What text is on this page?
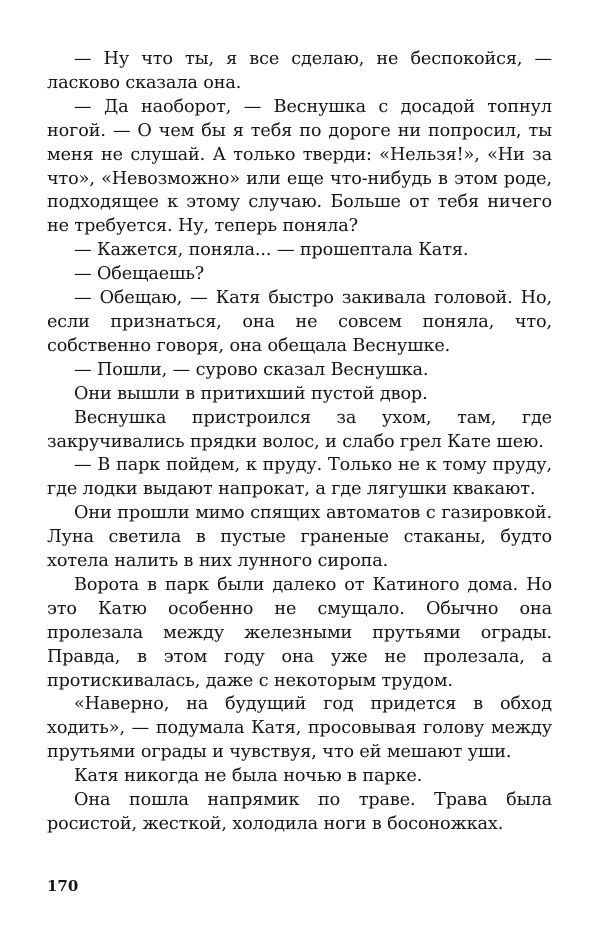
— Ну что ты, я все сделаю, не беспокойся, — ласково сказала она.

— Да наоборот, — Веснушка с досадой топнул ногой. — О чем бы я тебя по дороге ни попросил, ты меня не слушай. А только тверди: «Нельзя!», «Ни за что», «Невозможно» или еще что-нибудь в этом роде, подходящее к этому случаю. Больше от тебя ничего не требуется. Ну, теперь поняла?

— Кажется, поняла... — прошептала Катя.

— Обещаешь?

— Обещаю, — Катя быстро закивала головой. Но, если признаться, она не совсем поняла, что, собственно говоря, она обещала Веснушке.

— Пошли, — сурово сказал Веснушка.

Они вышли в притихший пустой двор.

Веснушка пристроился за ухом, там, где закручивались прядки волос, и слабо грел Кате шею.

— В парк пойдем, к пруду. Только не к тому пруду, где лодки выдают напрокат, а где лягушки квакают.

Они прошли мимо спящих автоматов с газировкой. Луна светила в пустые граненые стаканы, будто хотела налить в них лунного сиропа.

Ворота в парк были далеко от Катиного дома. Но это Катю особенно не смущало. Обычно она пролезала между железными прутьями ограды. Правда, в этом году она уже не пролезала, а протискивалась, даже с некоторым трудом.

«Наверно, на будущий год придется в обход ходить», — подумала Катя, просовывая голову между прутьями ограды и чувствуя, что ей мешают уши.

Катя никогда не была ночью в парке.

Она пошла напрямик по траве. Трава была росистой, жесткой, холодила ноги в босоножках.

170
